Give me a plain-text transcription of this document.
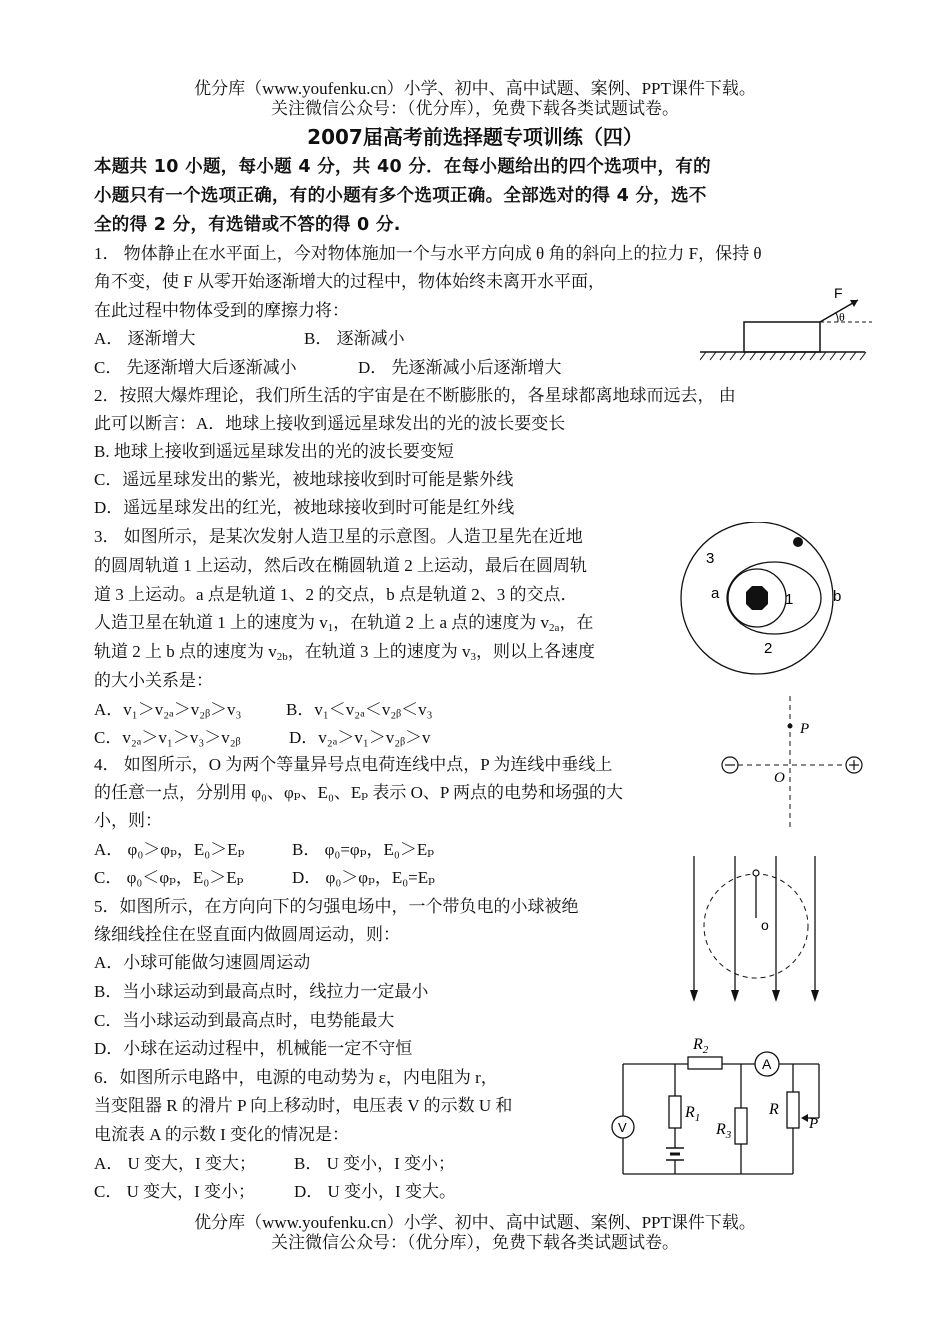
优分库（www.youfenku.cn）小学、初中、高中试题、案例、PPT课件下载。
关注微信公众号：（优分库），免费下载各类试题试卷。
2007届高考前选择题专项训练（四）
本题共 10 小题，每小题 4 分，共 40 分．在每小题给出的四个选项中，有的
小题只有一个选项正确，有的小题有多个选项正确。全部选对的得 4 分，选不
全的得 2 分，有选错或不答的得 0 分.
1． 物体静止在水平面上，今对物体施加一个与水平方向成 θ 角的斜向上的拉力 F，保持 θ
角不变，使 F 从零开始逐渐增大的过程中，物体始终未离开水平面，
在此过程中物体受到的摩擦力将：
A． 逐渐增大	B． 逐渐减小
C． 先逐渐增大后逐渐减小	D． 先逐渐减小后逐渐增大
F
θ
2．按照大爆炸理论，我们所生活的宇宙是在不断膨胀的，各星球都离地球而远去， 由
此可以断言：A．地球上接收到遥远星球发出的光的波长要变长
B. 地球上接收到遥远星球发出的光的波长要变短
C．遥远星球发出的紫光，被地球接收到时可能是紫外线
D．遥远星球发出的红光，被地球接收到时可能是红外线
3． 如图所示，是某次发射人造卫星的示意图。人造卫星先在近地
的圆周轨道 1 上运动，然后改在椭圆轨道 2 上运动，最后在圆周轨
道 3 上运动。a 点是轨道 1、2 的交点，b 点是轨道 2、3 的交点．
人造卫星在轨道 1 上的速度为 $v_1$，在轨道 2 上 a 点的速度为 $v_{2a}$，在
轨道 2 上 b 点的速度为 $v_{2b}$，在轨道 3 上的速度为 $v_3$，则以上各速度
的大小关系是：
A．v₁＞v₂ₐ＞v₂ᵦ＞v₃	B．v₁＜v₂ₐ＜v₂ᵦ＜v₃
C．v₂ₐ＞v₁＞v₃＞v₂ᵦ	D．v₂ₐ＞v₁＞v₂ᵦ＞v
3
a	1	b
2
4． 如图所示，O 为两个等量异号点电荷连线中点，P 为连线中垂线上
的任意一点，分别用 φ₀、φₚ、E₀、Eₚ 表示 O、P 两点的电势和场强的大
小，则：
A． φ₀＞φₚ，E₀＞Eₚ	B． φ₀=φₚ，E₀＞Eₚ
C． φ₀＜φₚ，E₀＞Eₚ	D． φ₀＞φₚ，E₀=Eₚ
P
O
5．如图所示，在方向向下的匀强电场中，一个带负电的小球被绝
缘细线拴住在竖直面内做圆周运动，则：
A．小球可能做匀速圆周运动
B．当小球运动到最高点时，线拉力一定最小
C．当小球运动到最高点时，电势能最大
D．小球在运动过程中，机械能一定不守恒
o
6．如图所示电路中，电源的电动势为 ε，内电阻为 r，
当变阻器 R 的滑片 P 向上移动时，电压表 V 的示数 U 和
电流表 A 的示数 I 变化的情况是：
A． U 变大，I 变大； B． U 变小，I 变小；
C． U 变大，I 变小； D． U 变小，I 变大。
A
V
$R_2$
$R_1$
$R_3$
R
P
优分库（www.youfenku.cn）小学、初中、高中试题、案例、PPT课件下载。
关注微信公众号：（优分库），免费下载各类试题试卷。
